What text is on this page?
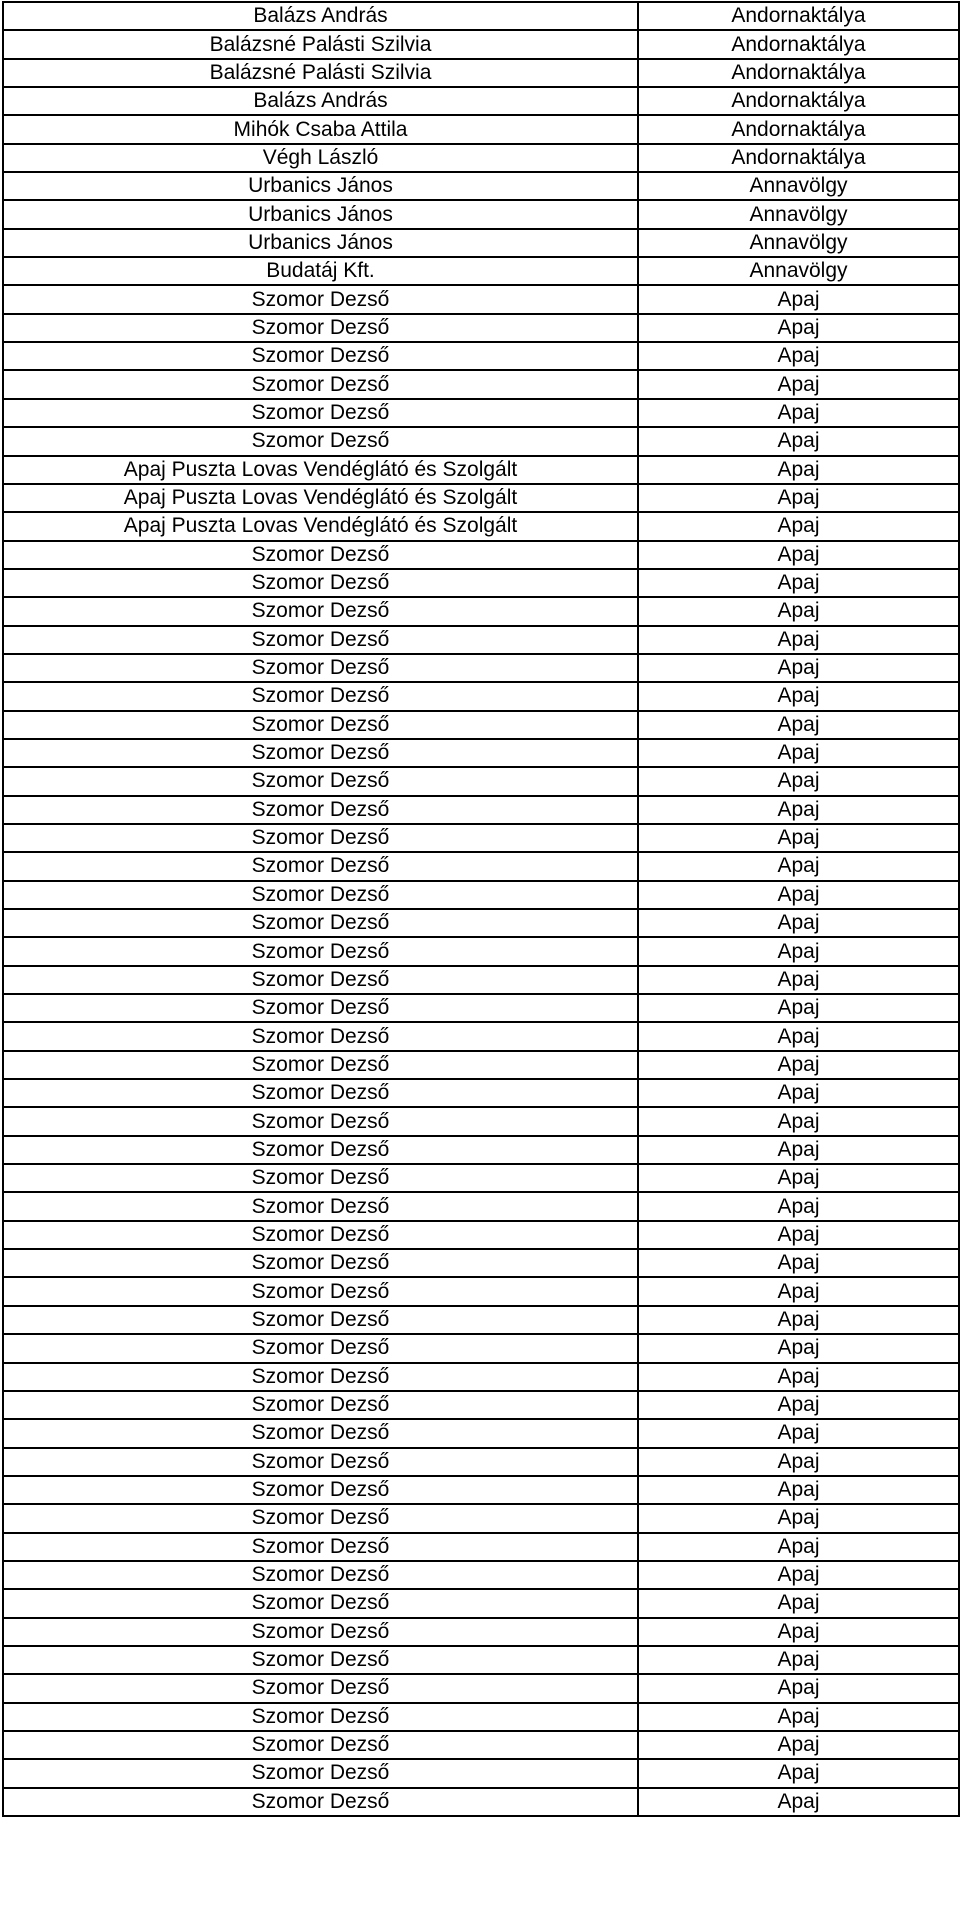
Balázs András	Andornaktálya
Balázsné Palásti Szilvia	Andornaktálya
Balázsné Palásti Szilvia	Andornaktálya
Balázs András	Andornaktálya
Mihók Csaba Attila	Andornaktálya
Végh László	Andornaktálya
Urbanics János	Annavölgy
Urbanics János	Annavölgy
Urbanics János	Annavölgy
Budatáj Kft.	Annavölgy
Szomor Dezső	Apaj
Szomor Dezső	Apaj
Szomor Dezső	Apaj
Szomor Dezső	Apaj
Szomor Dezső	Apaj
Szomor Dezső	Apaj
Apaj Puszta Lovas Vendéglátó és Szolgált	Apaj
Apaj Puszta Lovas Vendéglátó és Szolgált	Apaj
Apaj Puszta Lovas Vendéglátó és Szolgált	Apaj
Szomor Dezső	Apaj
Szomor Dezső	Apaj
Szomor Dezső	Apaj
Szomor Dezső	Apaj
Szomor Dezső	Apaj
Szomor Dezső	Apaj
Szomor Dezső	Apaj
Szomor Dezső	Apaj
Szomor Dezső	Apaj
Szomor Dezső	Apaj
Szomor Dezső	Apaj
Szomor Dezső	Apaj
Szomor Dezső	Apaj
Szomor Dezső	Apaj
Szomor Dezső	Apaj
Szomor Dezső	Apaj
Szomor Dezső	Apaj
Szomor Dezső	Apaj
Szomor Dezső	Apaj
Szomor Dezső	Apaj
Szomor Dezső	Apaj
Szomor Dezső	Apaj
Szomor Dezső	Apaj
Szomor Dezső	Apaj
Szomor Dezső	Apaj
Szomor Dezső	Apaj
Szomor Dezső	Apaj
Szomor Dezső	Apaj
Szomor Dezső	Apaj
Szomor Dezső	Apaj
Szomor Dezső	Apaj
Szomor Dezső	Apaj
Szomor Dezső	Apaj
Szomor Dezső	Apaj
Szomor Dezső	Apaj
Szomor Dezső	Apaj
Szomor Dezső	Apaj
Szomor Dezső	Apaj
Szomor Dezső	Apaj
Szomor Dezső	Apaj
Szomor Dezső	Apaj
Szomor Dezső	Apaj
Szomor Dezső	Apaj
Szomor Dezső	Apaj
Szomor Dezső	Apaj
